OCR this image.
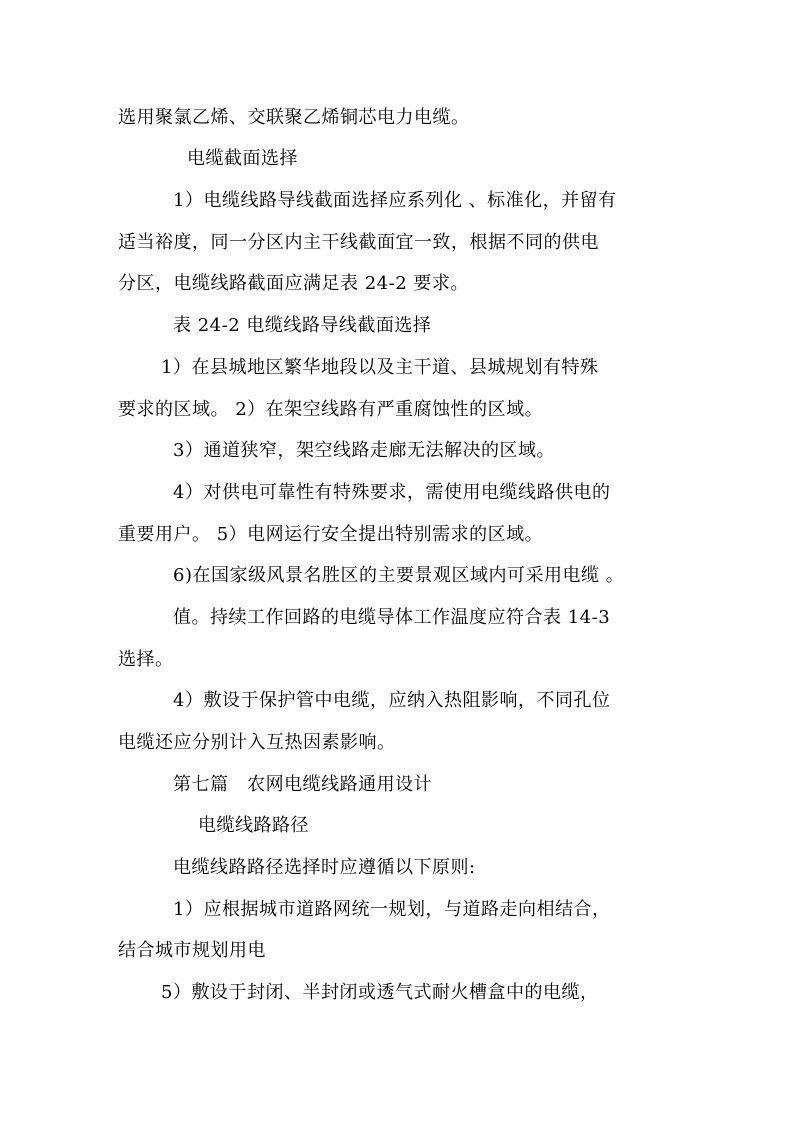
选用聚氯乙烯、交联聚乙烯铜芯电力电缆。
电缆截面选择
1）电缆线路导线截面选择应系列化 、标准化，并留有
适当裕度，同一分区内主干线截面宜一致，根据不同的供电
分区，电缆线路截面应满足表 24-2 要求。
表 24-2 电缆线路导线截面选择
1）在县城地区繁华地段以及主干道、县城规划有特殊
要求的区域。 2）在架空线路有严重腐蚀性的区域。
3）通道狭窄，架空线路走廊无法解决的区域。
4）对供电可靠性有特殊要求，需使用电缆线路供电的
重要用户。 5）电网运行安全提出特别需求的区域。
6)在国家级风景名胜区的主要景观区域内可采用电缆 。
值。持续工作回路的电缆导体工作温度应符合表 14-3
选择。
4）敷设于保护管中电缆，应纳入热阻影响，不同孔位
电缆还应分别计入互热因素影响。
第七篇   农网电缆线路通用设计
电缆线路路径
电缆线路路径选择时应遵循以下原则:
1）应根据城市道路网统一规划，与道路走向相结合，
结合城市规划用电
5）敷设于封闭、半封闭或透气式耐火槽盒中的电缆，
